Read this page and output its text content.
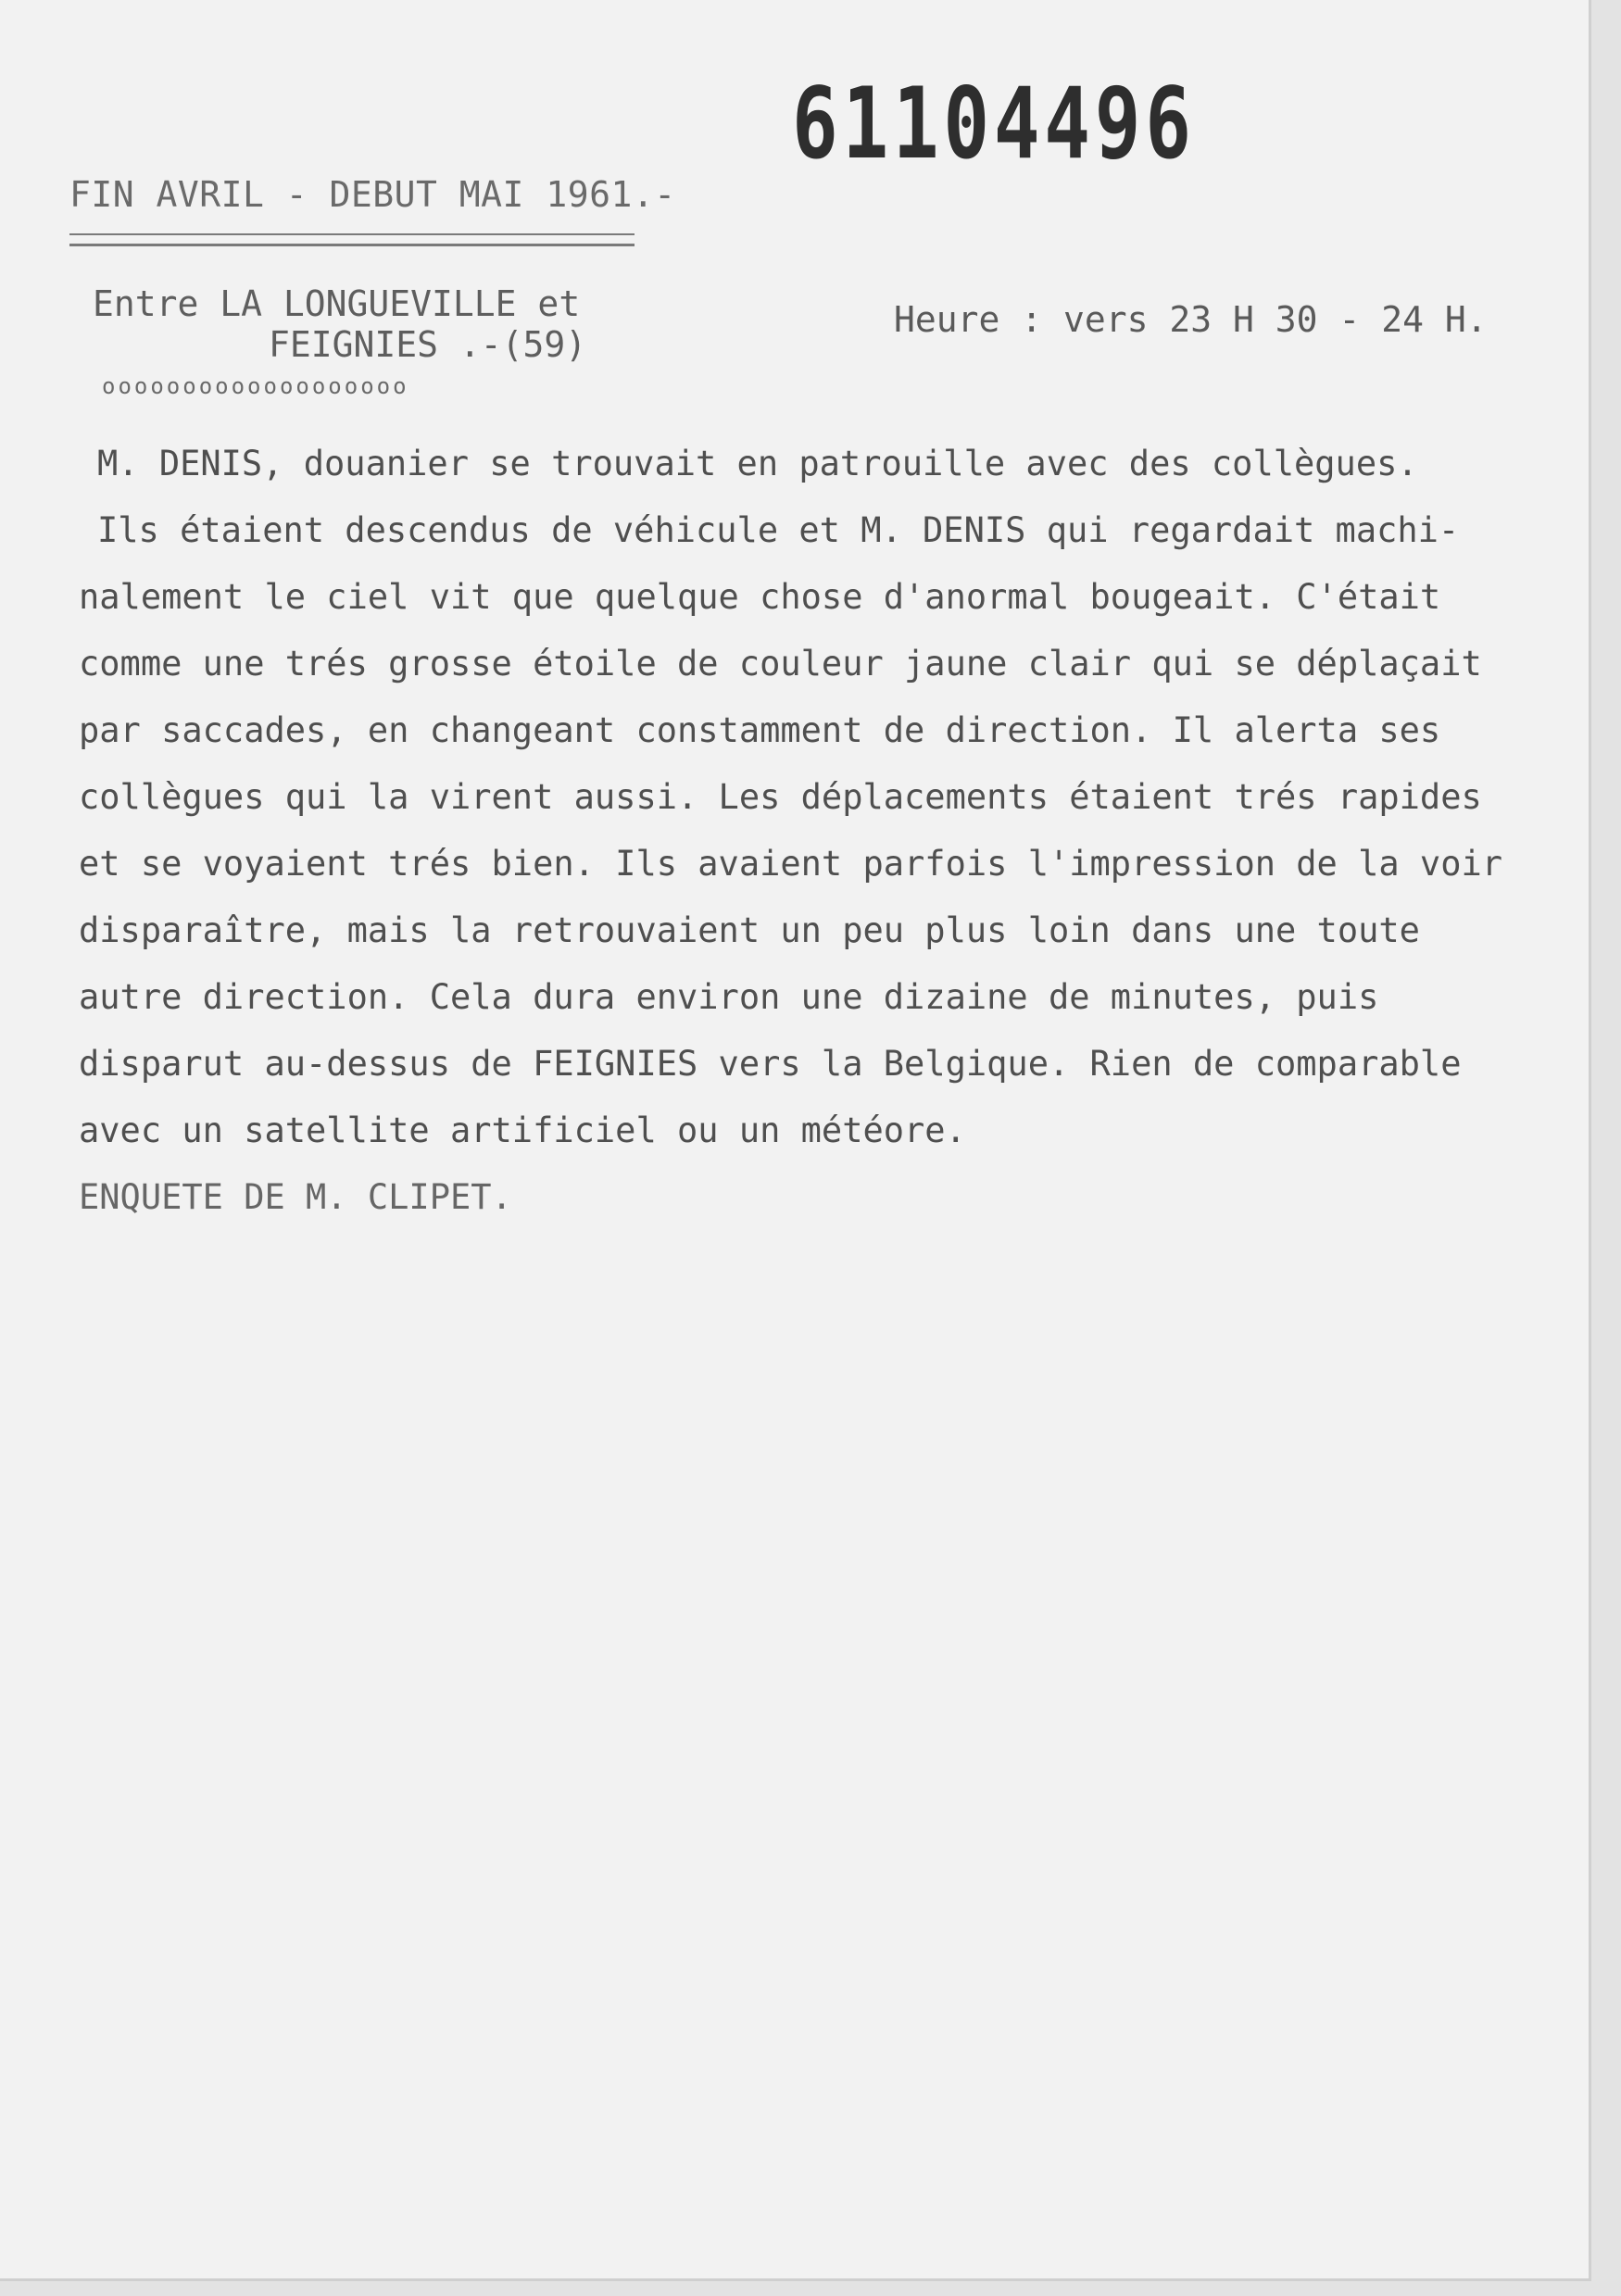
61104496
FIN AVRIL - DEBUT MAI 1961.-
Entre LA LONGUEVILLE et
FEIGNIES .-(59)
ooooooooooooooooooo
Heure : vers 23 H 30 - 24 H.
M. DENIS, douanier se trouvait en patrouille avec des collègues.
Ils étaient descendus de véhicule et M. DENIS qui regardait machi-
nalement le ciel vit que quelque chose d'anormal bougeait. C'était
comme une trés grosse étoile de couleur jaune clair qui se déplaçait
par saccades, en changeant constamment de direction. Il alerta ses
collègues qui la virent aussi. Les déplacements étaient trés rapides
et se voyaient trés bien. Ils avaient parfois l'impression de la voir
disparaître, mais la retrouvaient un peu plus loin dans une toute
autre direction. Cela dura environ une dizaine de minutes, puis
disparut au-dessus de FEIGNIES vers la Belgique. Rien de comparable
avec un satellite artificiel ou un météore.
ENQUETE DE M. CLIPET.
